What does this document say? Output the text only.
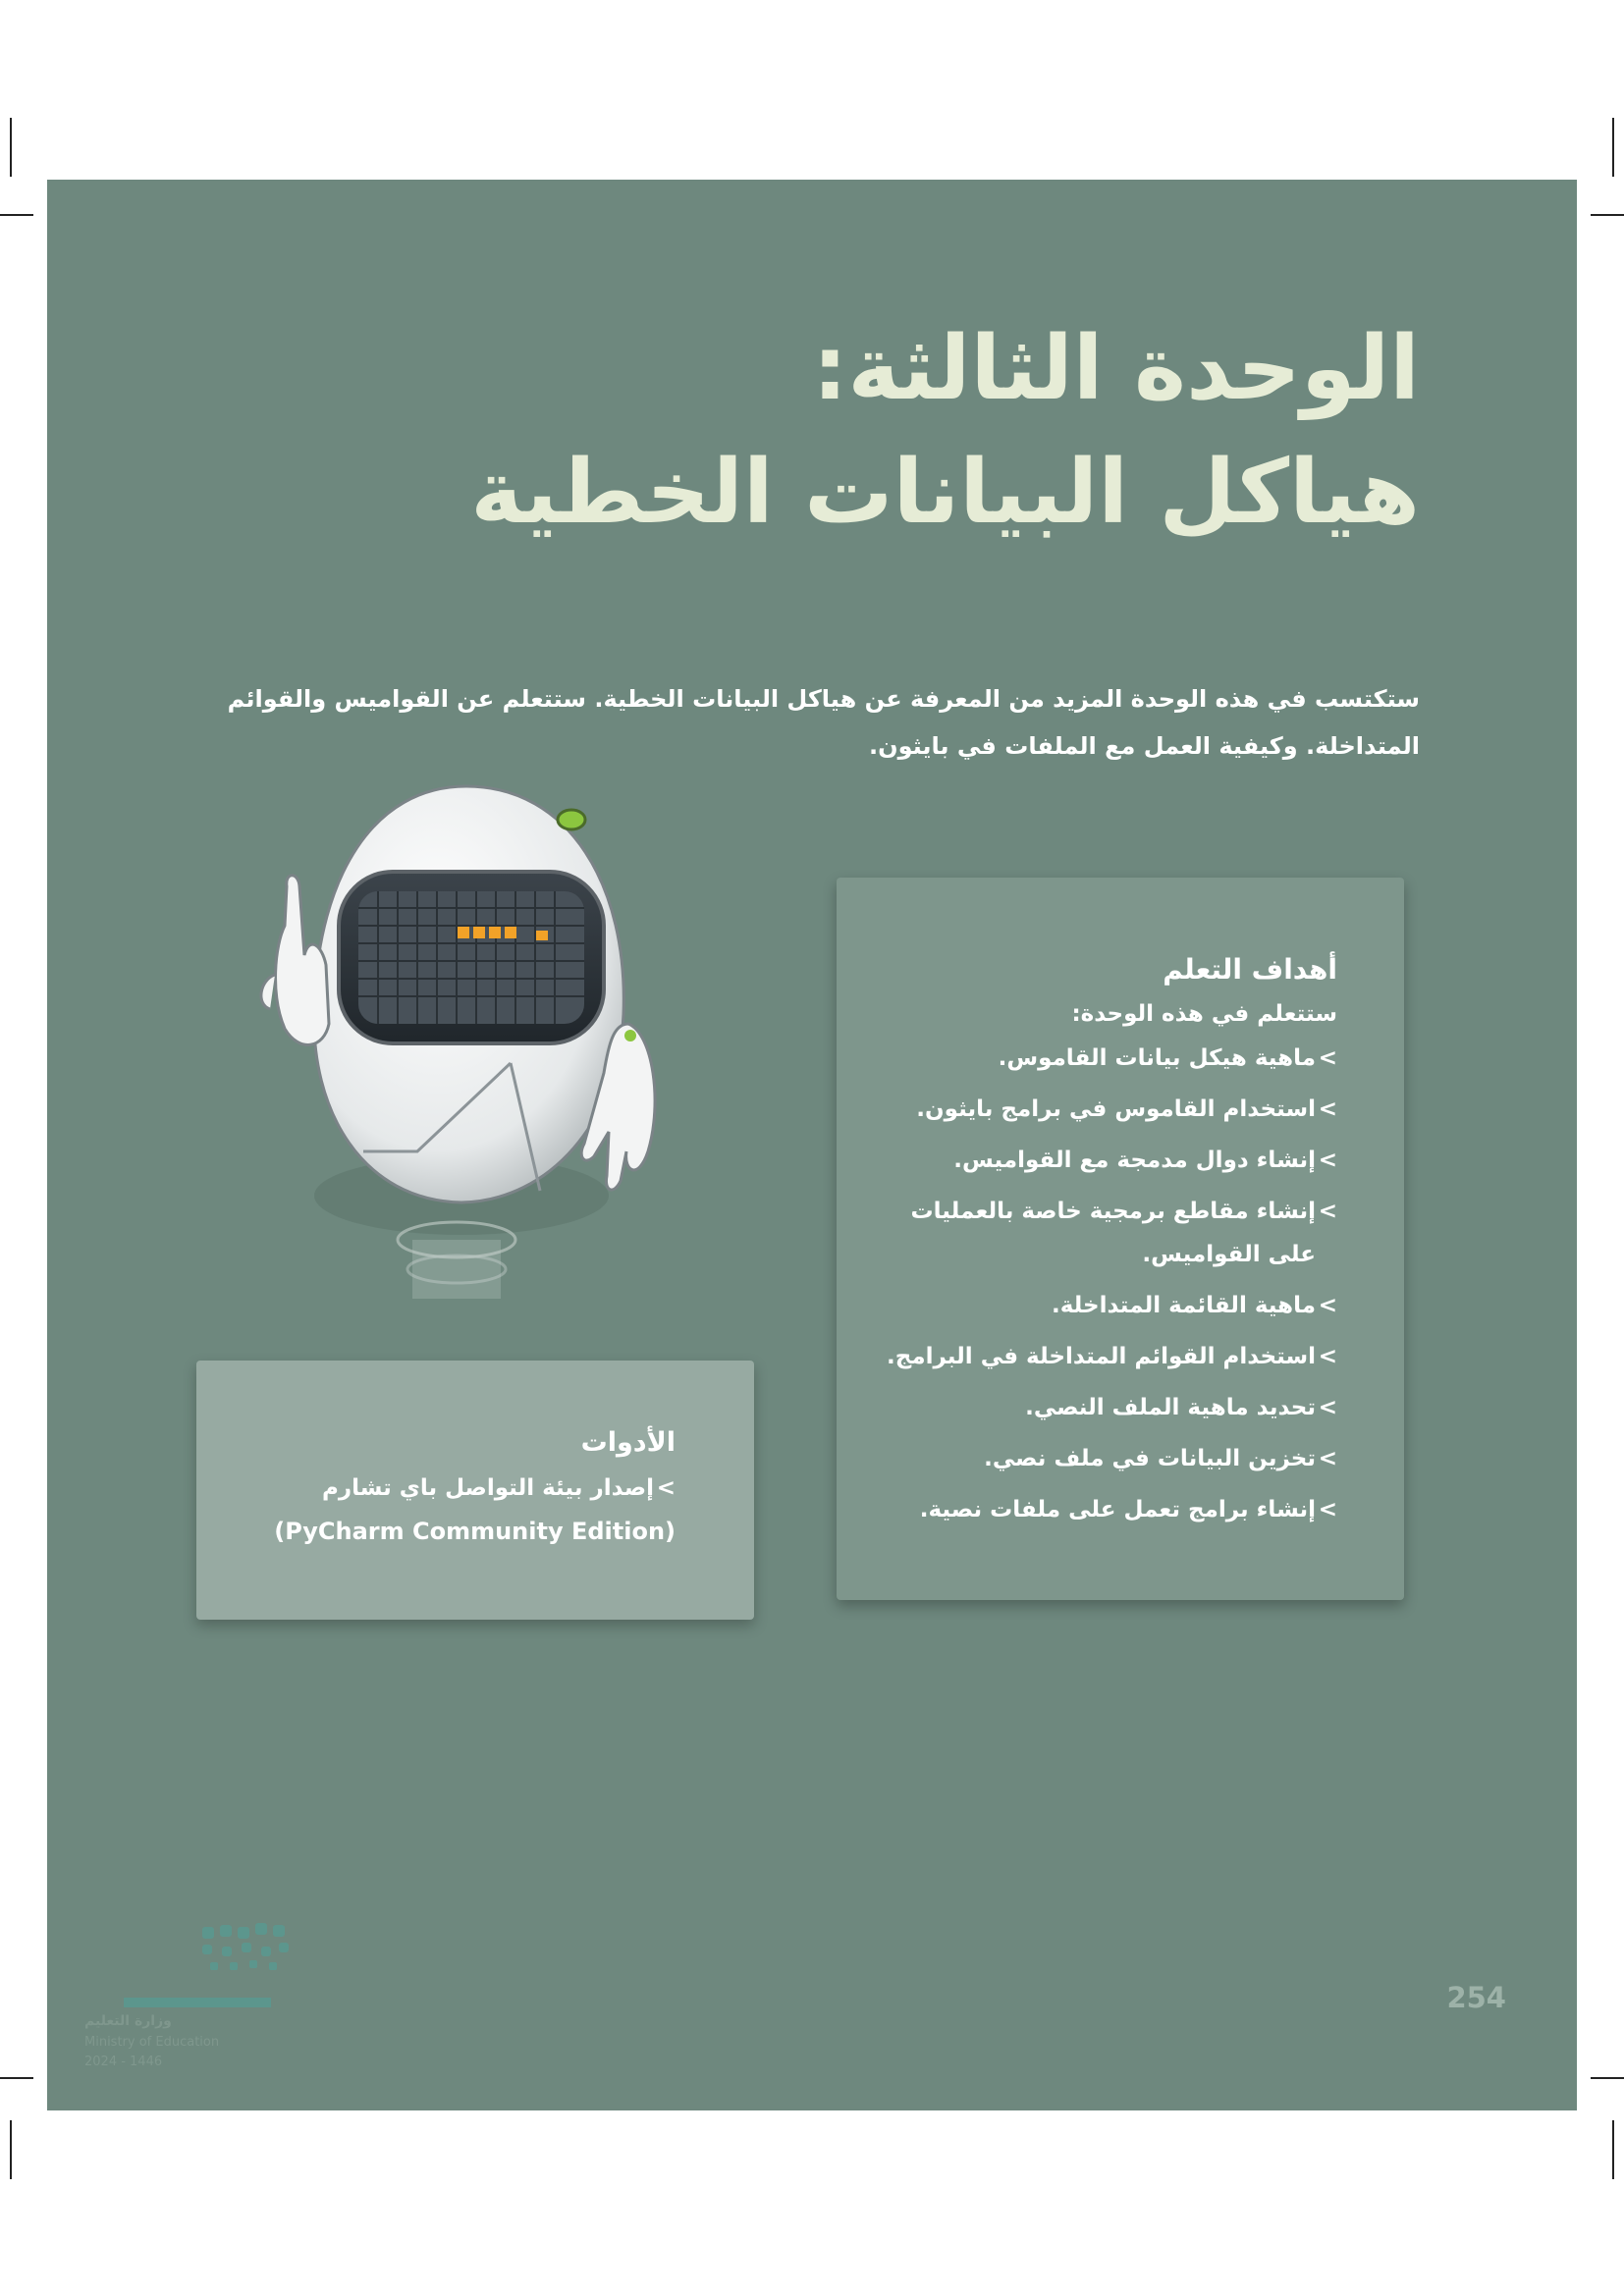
الوحدة الثالثة:
هياكل البيانات الخطية
ستكتسب في هذه الوحدة المزيد من المعرفة عن هياكل البيانات الخطية. ستتعلم عن القواميس والقوائم المتداخلة. وكيفية العمل مع الملفات في بايثون.
أهداف التعلم
ستتعلم في هذه الوحدة:
>
ماهية هيكل بيانات القاموس.
>
استخدام القاموس في برامج بايثون.
>
إنشاء دوال مدمجة مع القواميس.
>
إنشاء مقاطع برمجية خاصة بالعمليات على القواميس.
>
ماهية القائمة المتداخلة.
>
استخدام القوائم المتداخلة في البرامج.
>
تحديد ماهية الملف النصي.
>
تخزين البيانات في ملف نصي.
>
إنشاء برامج تعمل على ملفات نصية.
الأدوات
>
إصدار بيئة التواصل باي تشارم
(PyCharm Community Edition)
وزارة التعليم
Ministry of Education
2024 - 1446
254
